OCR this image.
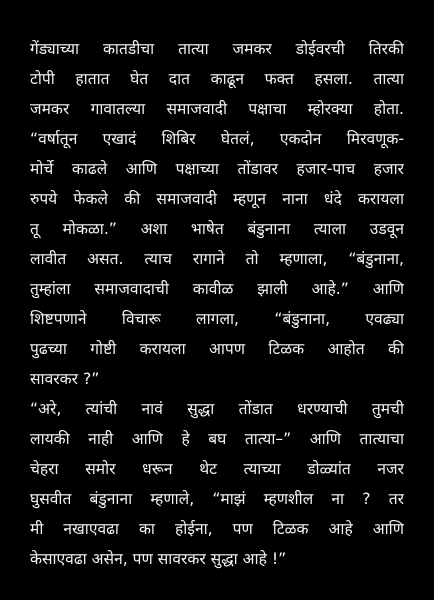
गेंड्याच्या कातडीचा तात्या जमकर डोईवरची तिरकी
टोपी हातात घेत दात काढून फक्त हसला. तात्या
जमकर गावातल्या समाजवादी पक्षाचा म्होरक्या होता.
“वर्षातून एखादं शिबिर घेतलं, एकदोन मिरवणूक-
मोर्चे काढले आणि पक्षाच्या तोंडावर हजार-पाच हजार
रुपये फेकले की समाजवादी म्हणून नाना धंदे करायला
तू मोकळा.” अशा भाषेत बंडुनाना त्याला उडवून
लावीत असत. त्याच रागाने तो म्हणाला, “बंडुनाना,
तुम्हांला समाजवादाची कावीळ झाली आहे.” आणि
शिष्टपणाने विचारू लागला, “बंडुनाना, एवढ्या
पुढच्या गोष्टी करायला आपण टिळक आहोत की
सावरकर ?”
“अरे, त्यांची नावं सुद्धा तोंडात धरण्याची तुमची
लायकी नाही आणि हे बघ तात्या–” आणि तात्याचा
चेहरा समोर धरून थेट त्याच्या डोळ्यांत नजर
घुसवीत बंडुनाना म्हणाले, “माझं म्हणशील ना ? तर
मी नखाएवढा का होईना, पण टिळक आहे आणि
केसाएवढा असेन, पण सावरकर सुद्धा आहे !”
